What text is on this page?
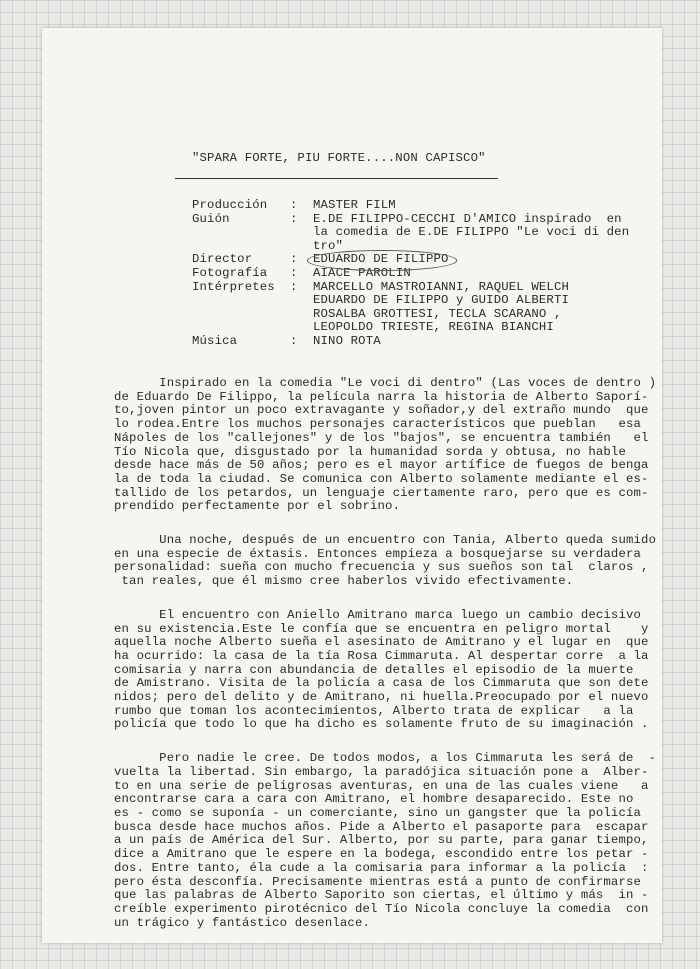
"SPARA FORTE, PIU FORTE....NON CAPISCO"
Producción	:	MASTER FILM
Guión	:	E.DE FILIPPO-CECCHI D'AMICO inspirado  en
la comedia de E.DE FILIPPO "Le voci di den
tro"
Director	:	EDUARDO DE FILIPPO
Fotografía	:	AIACE PAROLIN
Intérpretes	:	MARCELLO MASTROIANNI, RAQUEL WELCH
EDUARDO DE FILIPPO y GUIDO ALBERTI
ROSALBA GROTTESI, TECLA SCARANO ,
LEOPOLDO TRIESTE, REGINA BIANCHI
Música	:	NINO ROTA
Inspirado en la comedia "Le voci di dentro" (Las voces de dentro )
de Eduardo De Filippo, la película narra la historia de Alberto Saporí-
to,joven pintor un poco extravagante y soñador,y del extraño mundo  que
lo rodea.Entre los muchos personajes característicos que pueblan   esa
Nápoles de los "callejones" y de los "bajos", se encuentra también   el
Tío Nicola que, disgustado por la humanidad sorda y obtusa, no hable
desde hace más de 50 años; pero es el mayor artífice de fuegos de benga
la de toda la ciudad. Se comunica con Alberto solamente mediante el es-
tallido de los petardos, un lenguaje ciertamente raro, pero que es com-
prendido perfectamente por el sobrino.
Una noche, después de un encuentro con Tania, Alberto queda sumido
en una especie de éxtasis. Entonces empieza a bosquejarse su verdadera
personalidad: sueña con mucho frecuencia y sus sueños son tal  claros ,
tan reales, que él mismo cree haberlos vivido efectivamente.
El encuentro con Aniello Amitrano marca luego un cambio decisivo
en su existencia.Este le confía que se encuentra en peligro mortal    y
aquella noche Alberto sueña el asesinato de Amitrano y el lugar en  que
ha ocurrido: la casa de la tía Rosa Cimmaruta. Al despertar corre  a la
comisaria y narra con abundancia de detalles el episodio de la muerte
de Amistrano. Visita de la policía a casa de los Cimmaruta que son dete
nidos; pero del delito y de Amitrano, ni huella.Preocupado por el nuevo
rumbo que toman los acontecimientos, Alberto trata de explicar   a la
policía que todo lo que ha dicho es solamente fruto de su imaginación .
Pero nadie le cree. De todos modos, a los Cimmaruta les será de  -
vuelta la libertad. Sin embargo, la paradójica situación pone a  Alber-
to en una serie de peligrosas aventuras, en una de las cuales viene   a
encontrarse cara a cara con Amitrano, el hombre desaparecido. Este no
es - como se suponía - un comerciante, sino un gangster que la policía
busca desde hace muchos años. Pide a Alberto el pasaporte para  escapar
a un país de América del Sur. Alberto, por su parte, para ganar tiempo,
dice a Amitrano que le espere en la bodega, escondido entre los petar -
dos. Entre tanto, éla cude a la comisaria para informar a la policía  :
pero ésta desconfía. Precisamente mientras está a punto de confirmarse
que las palabras de Alberto Saporito son ciertas, el último y más  in -
creíble experimento pirotécnico del Tío Nicola concluye la comedia  con
un trágico y fantástico desenlace.
